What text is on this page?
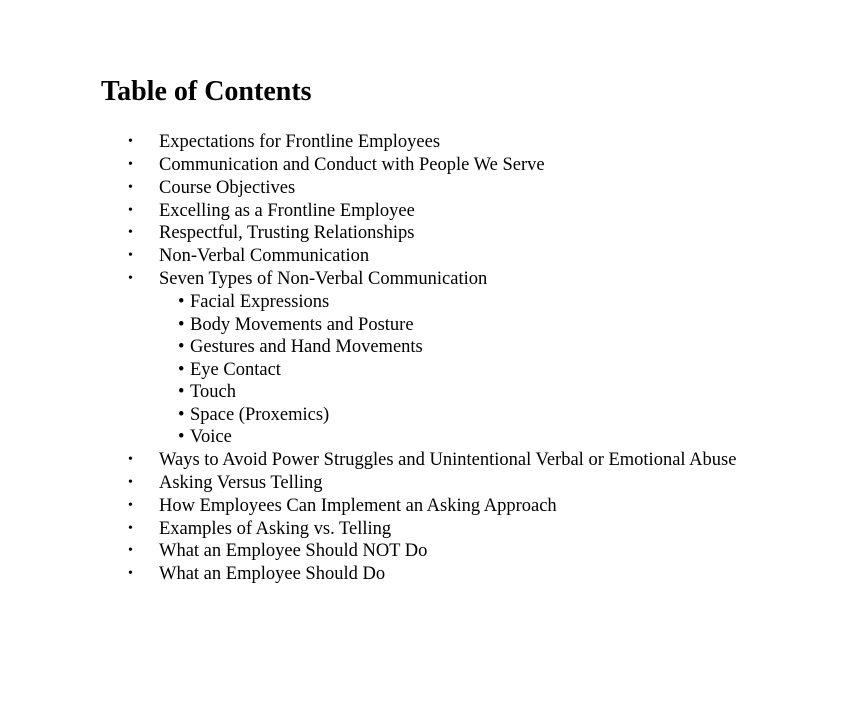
Table of Contents
• Expectations for Frontline Employees
• Communication and Conduct with People We Serve
• Course Objectives
• Excelling as a Frontline Employee
• Respectful, Trusting Relationships
• Non-Verbal Communication
• Seven Types of Non-Verbal Communication
• Facial Expressions
• Body Movements and Posture
• Gestures and Hand Movements
• Eye Contact
• Touch
• Space (Proxemics)
• Voice
• Ways to Avoid Power Struggles and Unintentional Verbal or Emotional Abuse
• Asking Versus Telling
• How Employees Can Implement an Asking Approach
• Examples of Asking vs. Telling
• What an Employee Should NOT Do
• What an Employee Should Do
